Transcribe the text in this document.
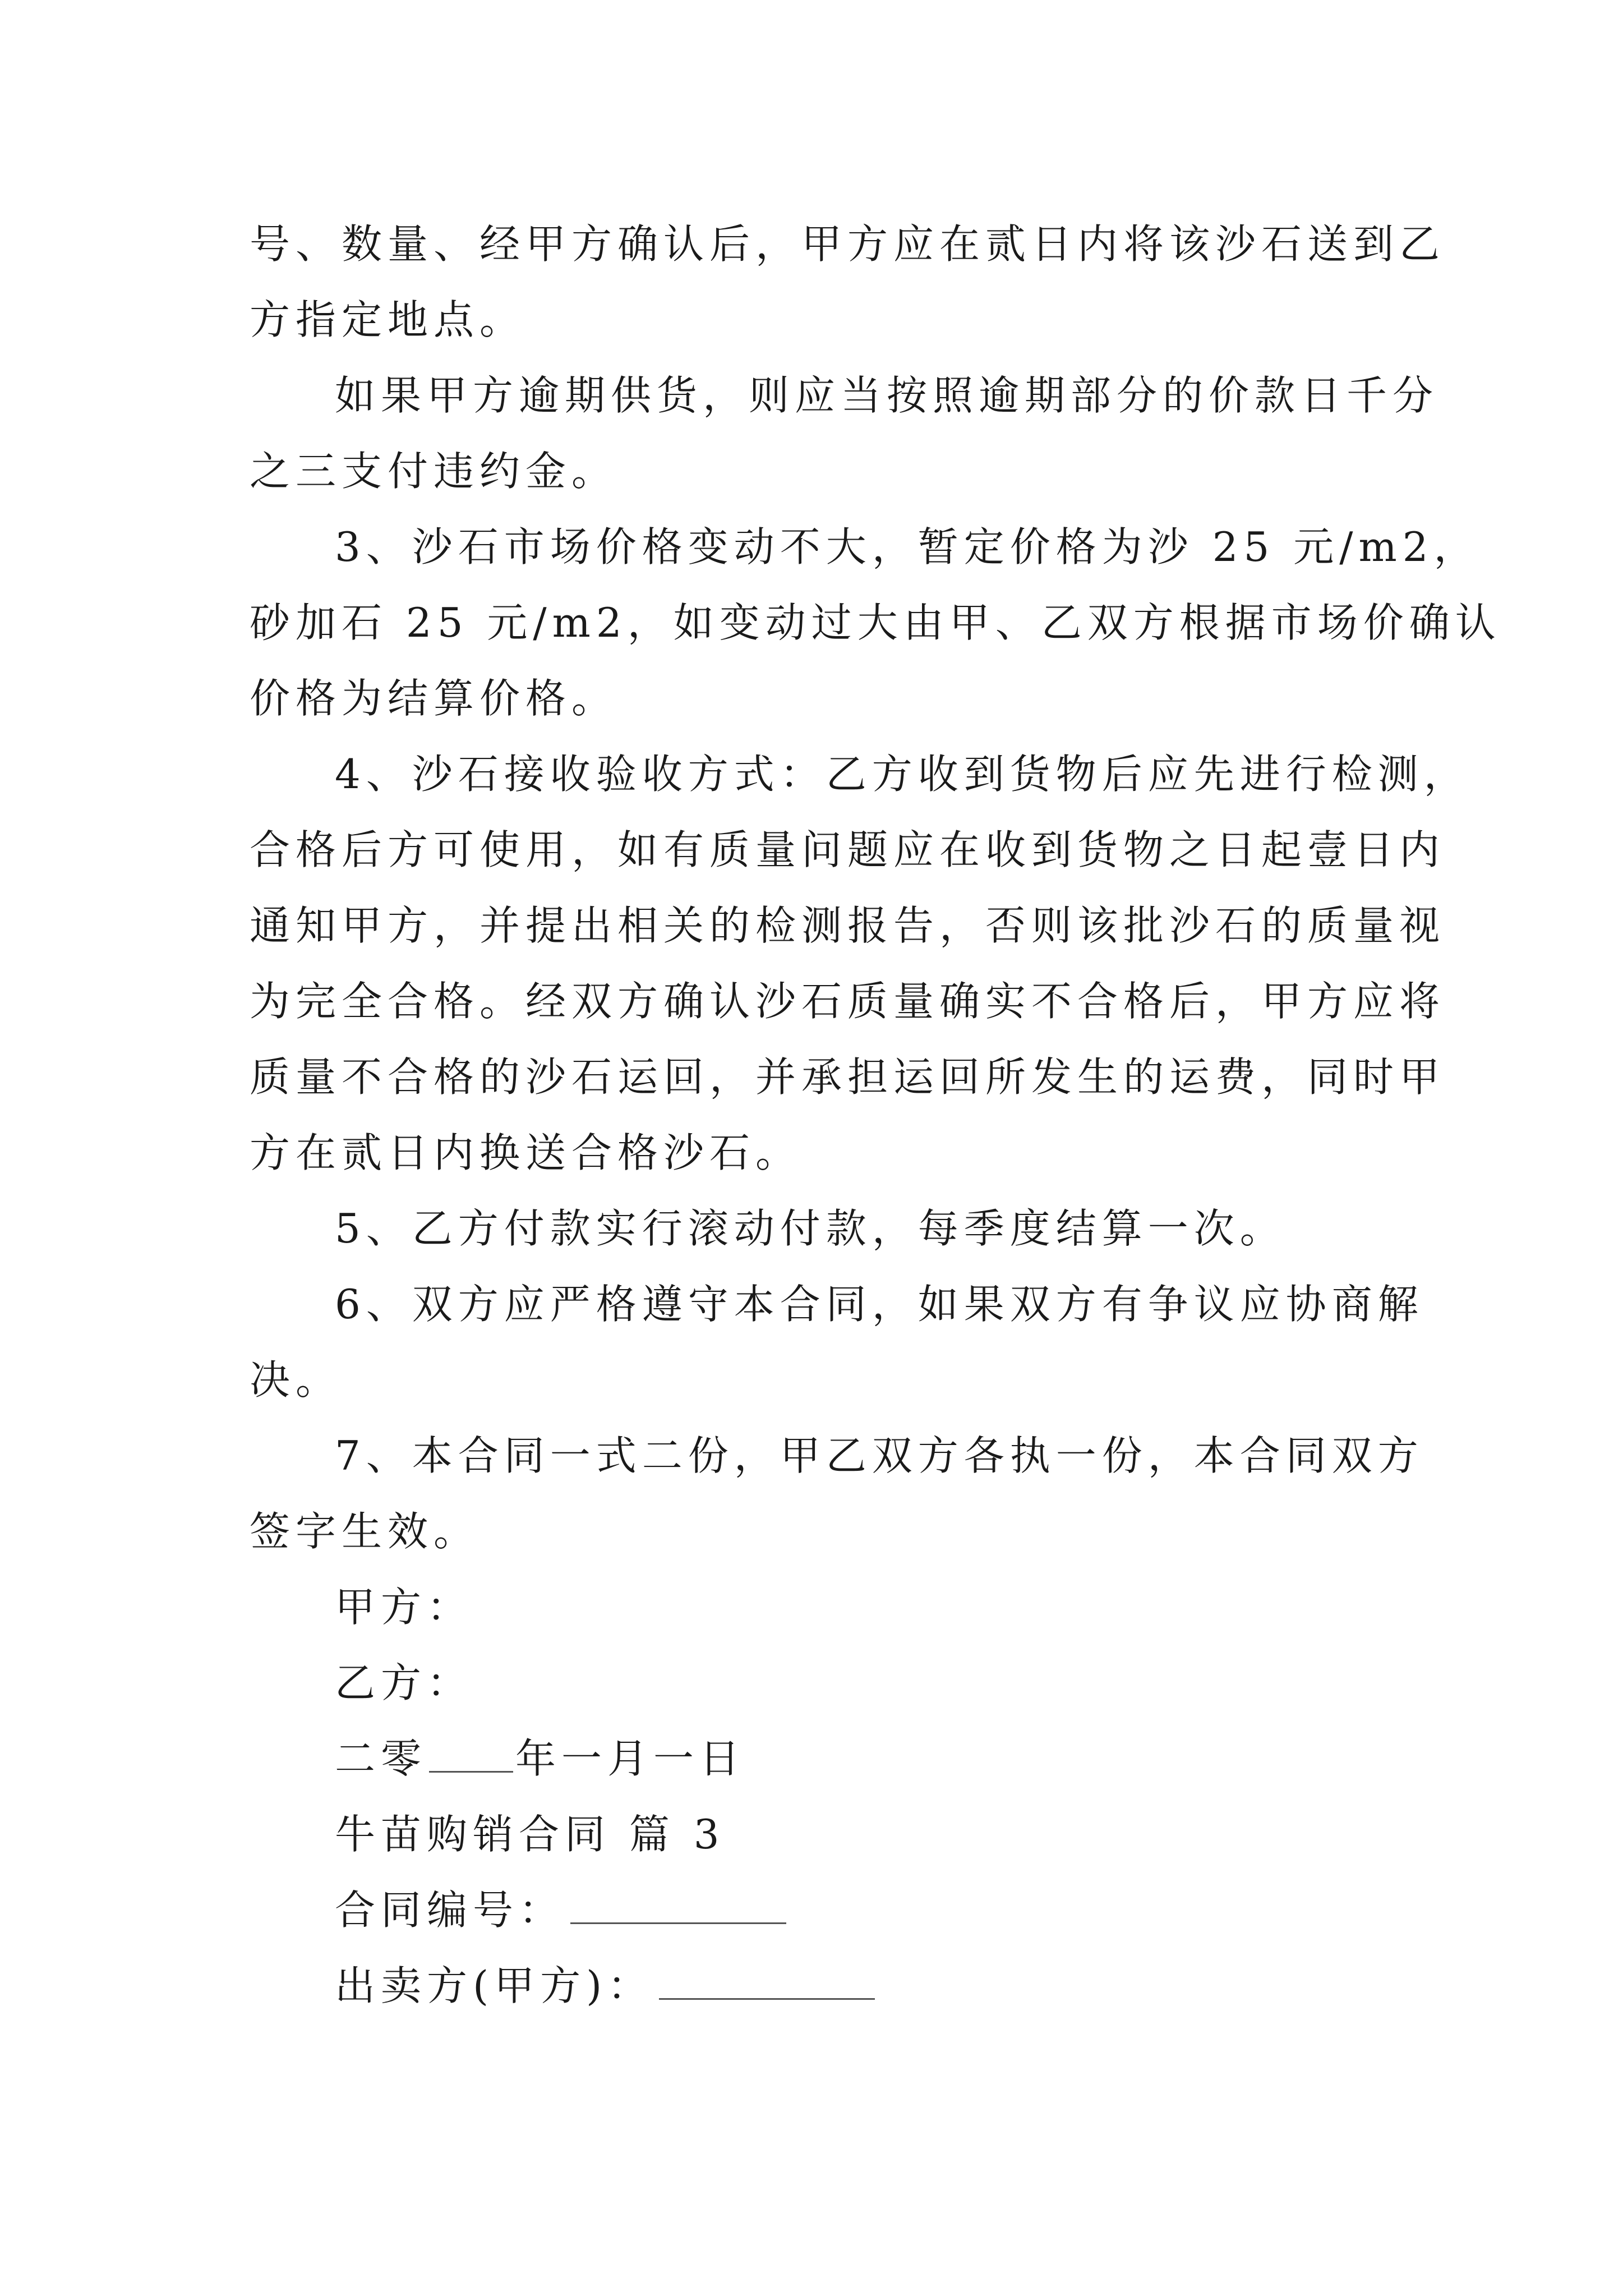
号、数量、经甲方确认后，甲方应在贰日内将该沙石送到乙
方指定地点。
如果甲方逾期供货，则应当按照逾期部分的价款日千分
之三支付违约金。
3、沙石市场价格变动不大，暂定价格为沙 25 元/m2，
砂加石 25 元/m2，如变动过大由甲、乙双方根据市场价确认
价格为结算价格。
4、沙石接收验收方式：乙方收到货物后应先进行检测，
合格后方可使用，如有质量问题应在收到货物之日起壹日内
通知甲方，并提出相关的检测报告，否则该批沙石的质量视
为完全合格。经双方确认沙石质量确实不合格后，甲方应将
质量不合格的沙石运回，并承担运回所发生的运费，同时甲
方在贰日内换送合格沙石。
5、乙方付款实行滚动付款，每季度结算一次。
6、双方应严格遵守本合同，如果双方有争议应协商解
决。
7、本合同一式二份，甲乙双方各执一份，本合同双方
签字生效。
甲方：
乙方：
二零 年一月一日
牛苗购销合同 篇 3
合同编号：
出卖方(甲方)：
